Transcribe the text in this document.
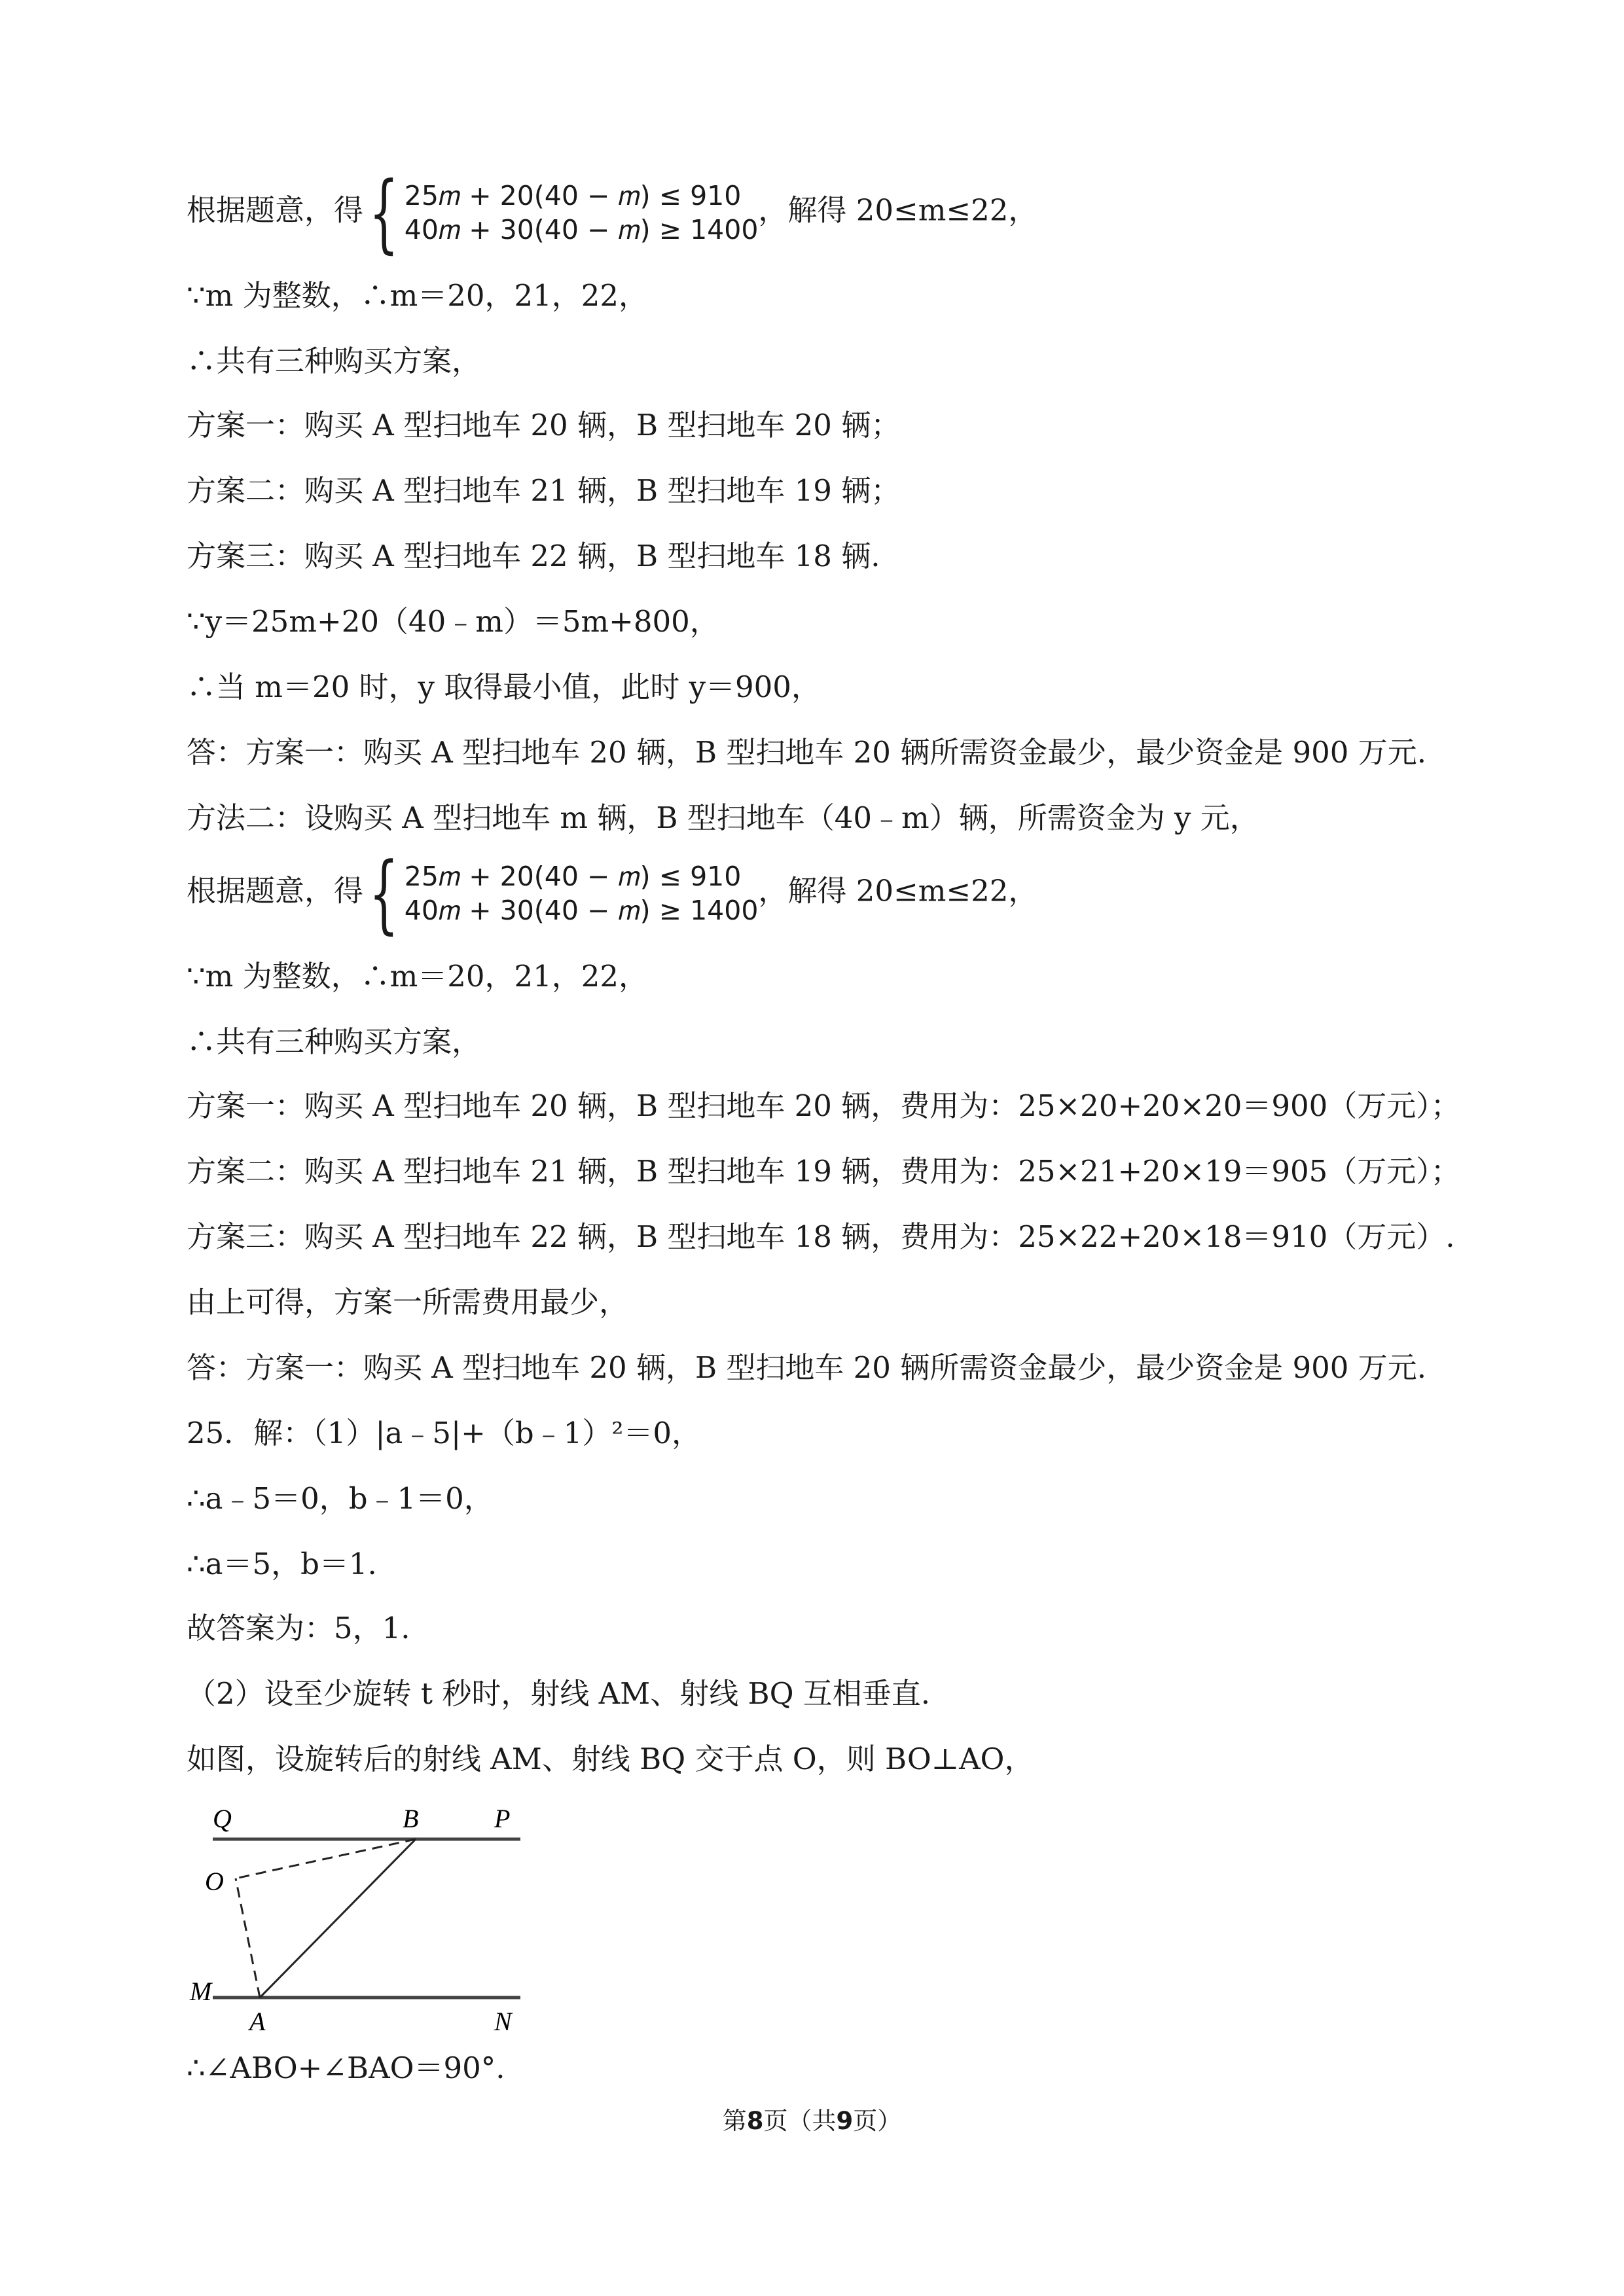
根据题意，得 { 25𝑚 + 20(40 − 𝑚) ≤ 910
40𝑚 + 30(40 − 𝑚) ≥ 1400
，解得 20≤m≤22，
∵m 为整数，∴m＝20，21，22，
∴共有三种购买方案，
方案一：购买 A 型扫地车 20 辆，B 型扫地车 20 辆；
方案二：购买 A 型扫地车 21 辆，B 型扫地车 19 辆；
方案三：购买 A 型扫地车 22 辆，B 型扫地车 18 辆.
∵y＝25m+20（40﹣m）＝5m+800，
∴当 m＝20 时，y 取得最小值，此时 y＝900，
答：方案一：购买 A 型扫地车 20 辆，B 型扫地车 20 辆所需资金最少，最少资金是 900 万元.
方法二：设购买 A 型扫地车 m 辆，B 型扫地车（40﹣m）辆，所需资金为 y 元，
根据题意，得 { 25𝑚 + 20(40 − 𝑚) ≤ 910
40𝑚 + 30(40 − 𝑚) ≥ 1400
，解得 20≤m≤22，
∵m 为整数，∴m＝20，21，22，
∴共有三种购买方案，
方案一：购买 A 型扫地车 20 辆，B 型扫地车 20 辆，费用为：25×20+20×20＝900（万元）；
方案二：购买 A 型扫地车 21 辆，B 型扫地车 19 辆，费用为：25×21+20×19＝905（万元）；
方案三：购买 A 型扫地车 22 辆，B 型扫地车 18 辆，费用为：25×22+20×18＝910（万元）.
由上可得，方案一所需费用最少，
答：方案一：购买 A 型扫地车 20 辆，B 型扫地车 20 辆所需资金最少，最少资金是 900 万元.
25．解：（1）|a﹣5|+（b﹣1）²＝0，
∴a﹣5＝0，b﹣1＝0，
∴a＝5，b＝1.
故答案为：5，1.
（2）设至少旋转 t 秒时，射线 AM、射线 BQ 互相垂直.
如图，设旋转后的射线 AM、射线 BQ 交于点 O，则 BO⊥AO，
∴∠ABO+∠BAO＝90°.
Q	B	P
O
M
A	N
第8页（共9页）
